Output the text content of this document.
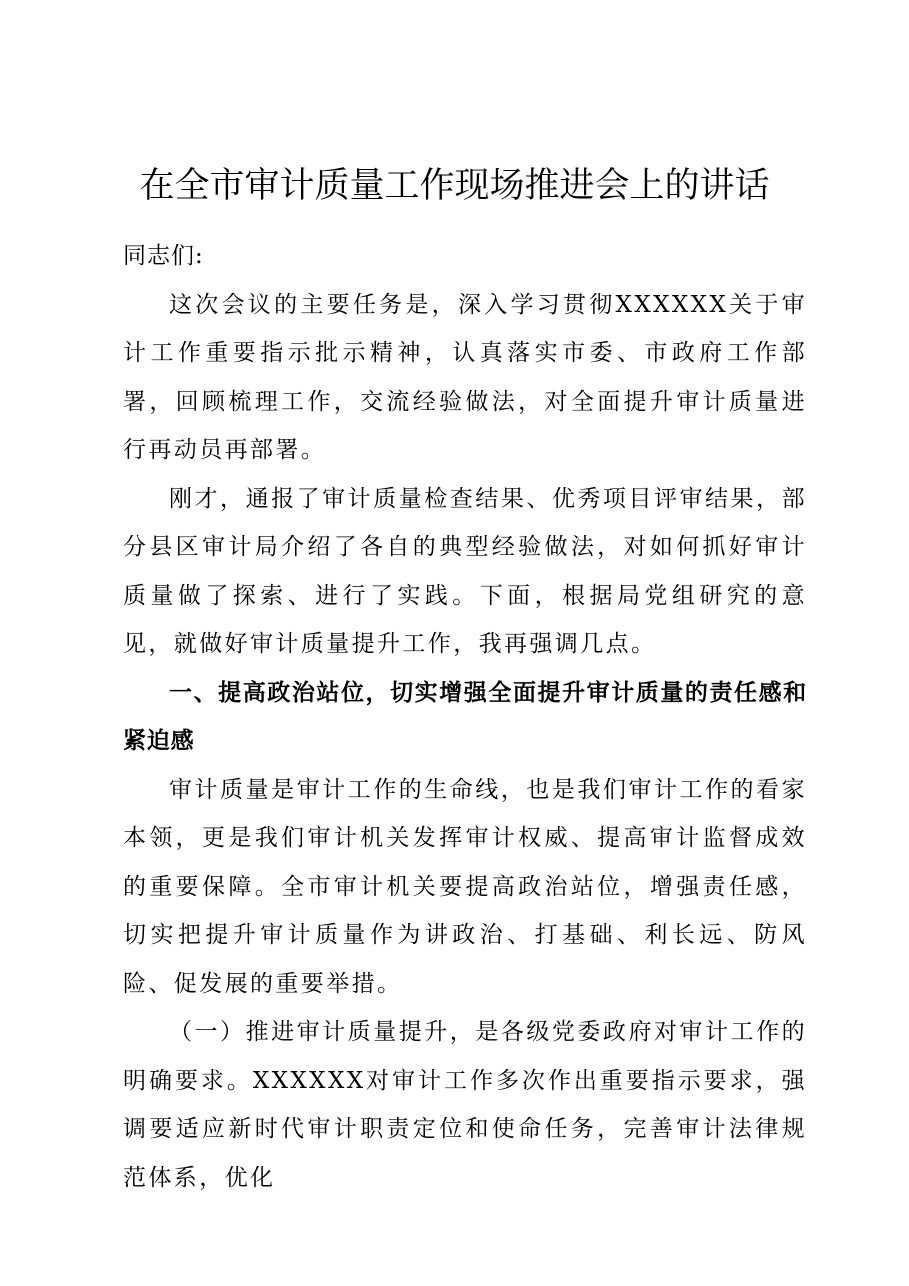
在全市审计质量工作现场推进会上的讲话

同志们:

这次会议的主要任务是，深入学习贯彻XXXXXX关于审计工作重要指示批示精神，认真落实市委、市政府工作部署，回顾梳理工作，交流经验做法，对全面提升审计质量进行再动员再部署。

刚才，通报了审计质量检查结果、优秀项目评审结果，部分县区审计局介绍了各自的典型经验做法，对如何抓好审计质量做了探索、进行了实践。下面，根据局党组研究的意见，就做好审计质量提升工作，我再强调几点。

一、提高政治站位，切实增强全面提升审计质量的责任感和紧迫感

审计质量是审计工作的生命线，也是我们审计工作的看家本领，更是我们审计机关发挥审计权威、提高审计监督成效的重要保障。全市审计机关要提高政治站位，增强责任感，切实把提升审计质量作为讲政治、打基础、利长远、防风险、促发展的重要举措。

（一）推进审计质量提升，是各级党委政府对审计工作的明确要求。XXXXXX对审计工作多次作出重要指示要求，强调要适应新时代审计职责定位和使命任务，完善审计法律规范体系，优化
